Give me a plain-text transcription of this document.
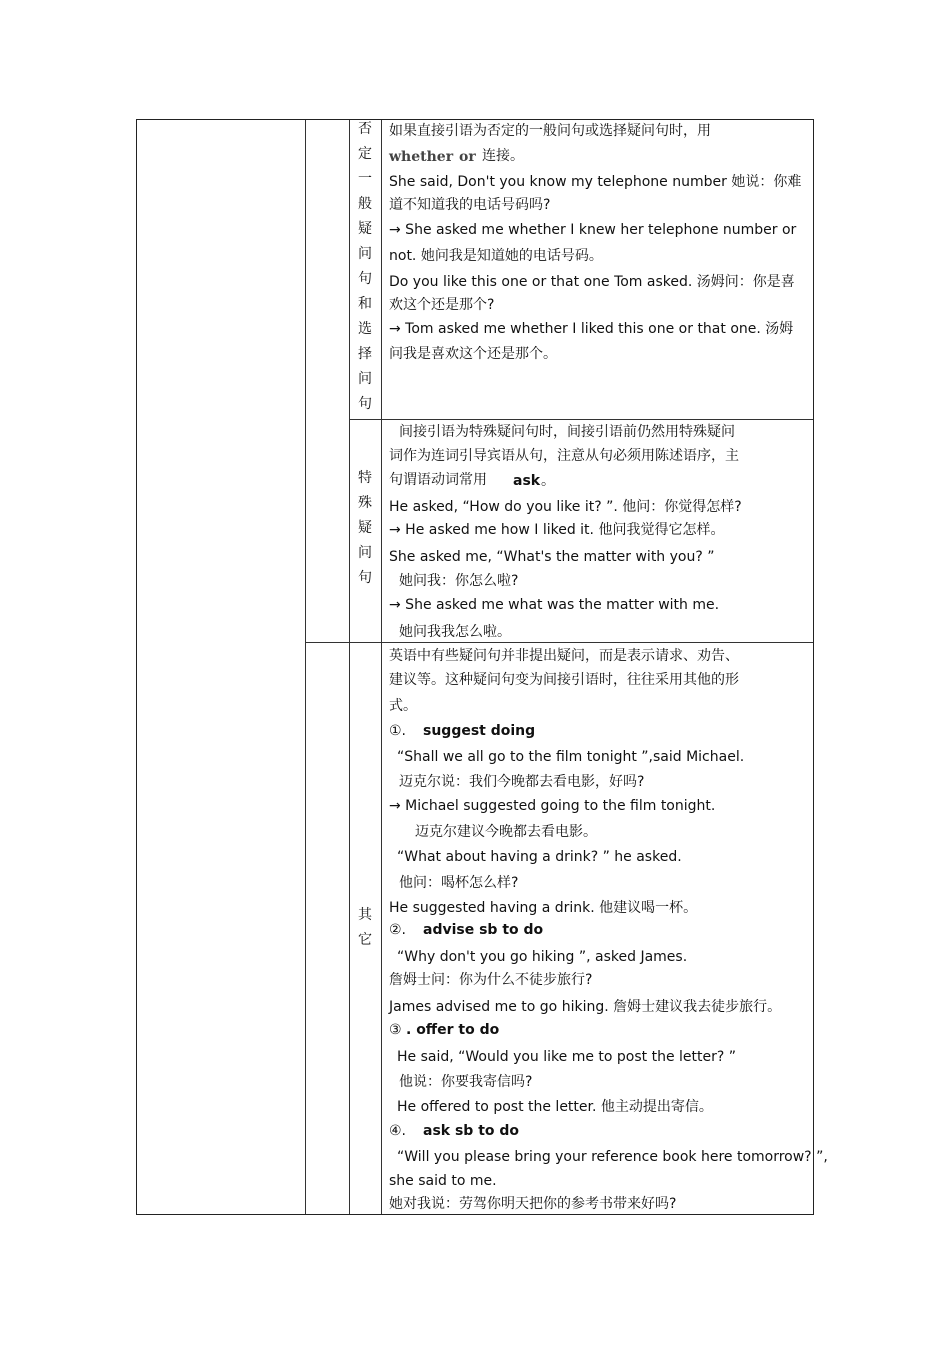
否
定
一
般
疑
问
句
和
选
择
问
句
如果直接引语为否定的一般问句或选择疑问句时，用
whether or 连接。
She said, Don't you know my telephone number 她说：你难
道不知道我的电话号码吗?
→ She asked me whether I knew her telephone number or
not. 她问我是知道她的电话号码。
Do you like this one or that one Tom asked. 汤姆问：你是喜
欢这个还是那个?
→ Tom asked me whether I liked this one or that one. 汤姆
问我是喜欢这个还是那个。
特
殊
疑
问
句
间接引语为特殊疑问句时，间接引语前仍然用特殊疑问
词作为连词引导宾语从句，注意从句必须用陈述语序，主
句谓语动词常用 ask 。
He asked, “How do you like it? ”. 他问：你觉得怎样?
→ He asked me how I liked it. 他问我觉得它怎样。
She asked me, “What's the matter with you? ”
她问我：你怎么啦?
→ She asked me what was the matter with me.
她问我我怎么啦。
其
它
英语中有些疑问句并非提出疑问，而是表示请求、劝告、
建议等。这种疑问句变为间接引语时，往往采用其他的形
式。
①. suggest doing
“Shall we all go to the film tonight ”,said Michael.
迈克尔说：我们今晚都去看电影，好吗?
→ Michael suggested going to the film tonight.
迈克尔建议今晚都去看电影。
“What about having a drink? ” he asked.
他问：喝杯怎么样?
He suggested having a drink. 他建议喝一杯。
②. advise sb to do
“Why don't you go hiking ”, asked James.
詹姆士问：你为什么不徒步旅行?
James advised me to go hiking. 詹姆士建议我去徒步旅行。
③ . offer to do
He said, “Would you like me to post the letter? ”
他说：你要我寄信吗?
He offered to post the letter. 他主动提出寄信。
④. ask sb to do
“Will you please bring your reference book here tomorrow? ”,
she said to me.
她对我说：劳驾你明天把你的参考书带来好吗?
